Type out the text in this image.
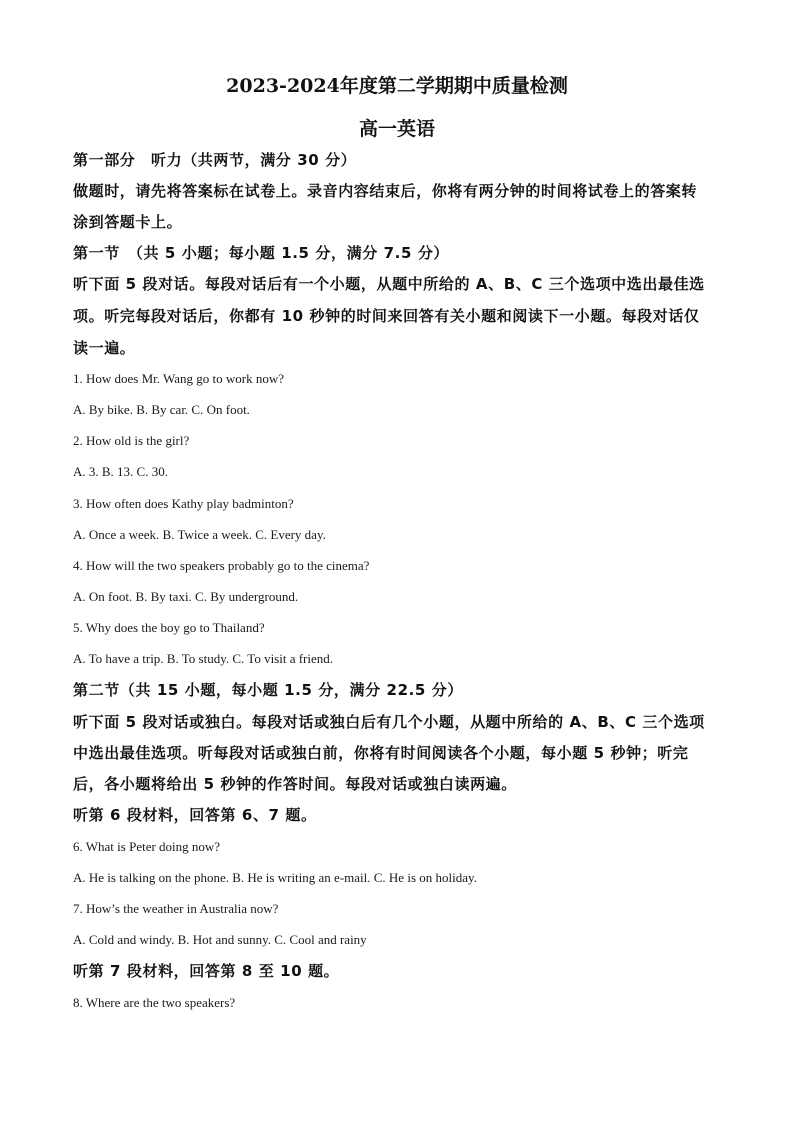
2023-2024年度第二学期期中质量检测
高一英语
第一部分　听力（共两节，满分 30 分）
做题时，请先将答案标在试卷上。录音内容结束后，你将有两分钟的时间将试卷上的答案转
涂到答题卡上。
第一节　（共 5 小题；每小题 1.5 分，满分 7.5 分）
听下面 5 段对话。每段对话后有一个小题，从题中所给的 A、B、C 三个选项中选出最佳选
项。听完每段对话后，你都有 10 秒钟的时间来回答有关小题和阅读下一小题。每段对话仅
读一遍。
1. How does Mr. Wang go to work now?
A. By bike. B. By car. C. On foot.
2. How old is the girl?
A. 3. B. 13. C. 30.
3. How often does Kathy play badminton?
A. Once a week. B. Twice a week. C. Every day.
4. How will the two speakers probably go to the cinema?
A. On foot. B. By taxi. C. By underground.
5. Why does the boy go to Thailand?
A. To have a trip. B. To study. C. To visit a friend.
第二节（共 15 小题，每小题 1.5 分，满分 22.5 分）
听下面 5 段对话或独白。每段对话或独白后有几个小题，从题中所给的 A、B、C 三个选项
中选出最佳选项。听每段对话或独白前，你将有时间阅读各个小题，每小题 5 秒钟；听完
后，各小题将给出 5 秒钟的作答时间。每段对话或独白读两遍。
听第 6 段材料，回答第 6、7 题。
6. What is Peter doing now?
A. He is talking on the phone. B. He is writing an e-mail. C. He is on holiday.
7. How’s the weather in Australia now?
A. Cold and windy. B. Hot and sunny. C. Cool and rainy
听第 7 段材料，回答第 8 至 10 题。
8. Where are the two speakers?
